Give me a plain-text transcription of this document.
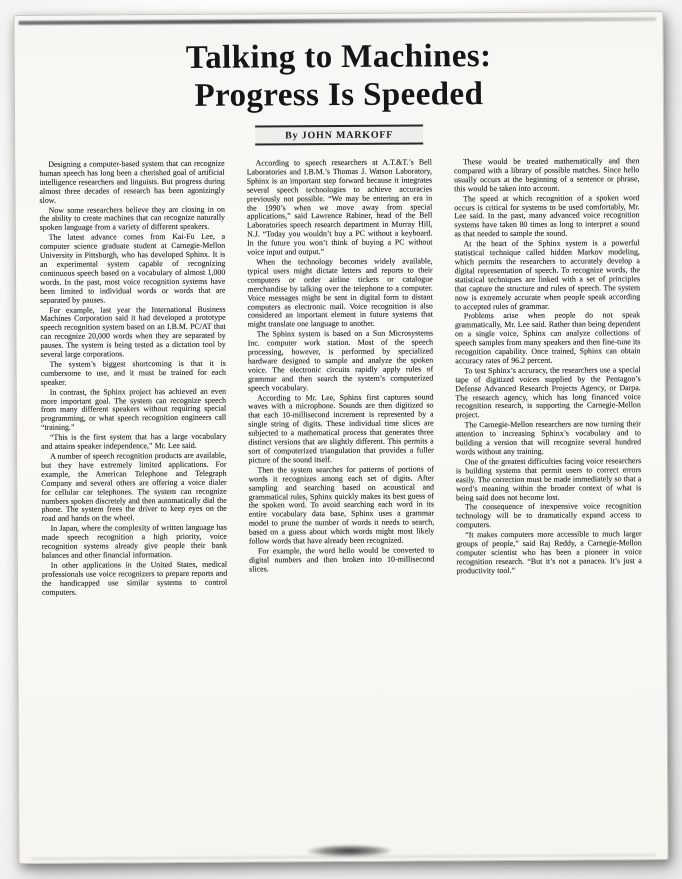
Talking to Machines:
Progress Is Speeded
By JOHN MARKOFF

Designing a computer-based system that can recognize human speech has long been a cherished goal of artificial intelligence researchers and linguists. But progress during almost three decades of research has been agonizingly slow.

Now some researchers believe they are closing in on the ability to create machines that can recognize naturally spoken language from a variety of different speakers.

The latest advance comes from Kai-Fu Lee, a computer science graduate student at Carnegie-Mellon University in Pittsburgh, who has developed Sphinx. It is an experimental system capable of recognizing continuous speech based on a vocabulary of almost 1,000 words. In the past, most voice recognition systems have been limited to individual words or words that are separated by pauses.

For example, last year the International Business Machines Corporation said it had developed a prototype speech recognition system based on an I.B.M. PC/AT that can recognize 20,000 words when they are separated by pauses. The system is being tested as a dictation tool by several large corporations.

The system’s biggest shortcoming is that it is cumbersome to use, and it must be trained for each speaker.

In contrast, the Sphinx project has achieved an even more important goal. The system can recognize speech from many different speakers without requiring special programming, or what speech recognition engineers call “training.”

“This is the first system that has a large vocabulary and attains speaker independence,” Mr. Lee said.

A number of speech recognition products are available, but they have extremely limited applications. For example, the American Telephone and Telegraph Company and several others are offering a voice dialer for cellular car telephones. The system can recognize numbers spoken discretely and then automatically dial the phone. The system frees the driver to keep eyes on the road and hands on the wheel.

In Japan, where the complexity of written language has made speech recognition a high priority, voice recognition systems already give people their bank balances and other financial information.

In other applications in the United States, medical professionals use voice recognizers to prepare reports and the handicapped use similar systems to control computers.

According to speech researchers at A.T.&T.’s Bell Laboratories and I.B.M.’s Thomas J. Watson Laboratory, Sphinx is an important step forward because it integrates several speech technologies to achieve accuracies previously not possible. “We may be entering an era in the 1990’s when we move away from special applications,” said Lawrence Rabiner, head of the Bell Laboratories speech research department in Murray Hill, N.J. “Today you wouldn’t buy a PC without a keyboard. In the future you won’t think of buying a PC without voice input and output.”

When the technology becomes widely available, typical users might dictate letters and reports to their computers or order airline tickets or catalogue merchandise by talking over the telephone to a computer. Voice messages might be sent in digital form to distant computers as electronic mail. Voice recognition is also considered an important element in future systems that might translate one language to another.

The Sphinx system is based on a Sun Microsystems Inc. computer work station. Most of the speech processing, however, is performed by specialized hardware designed to sample and analyze the spoken voice. The electronic circuits rapidly apply rules of grammar and then search the system’s computerized speech vocabulary.

According to Mr. Lee, Sphinx first captures sound waves with a microphone. Sounds are then digitized so that each 10-millisecond increment is represented by a single string of digits. These individual time slices are subjected to a mathematical process that generates three distinct versions that are slightly different. This permits a sort of computerized triangulation that provides a fuller picture of the sound itself.

Then the system searches for patterns of portions of words it recognizes among each set of digits. After sampling and searching based on acoustical and grammatical rules, Sphinx quickly makes its best guess of the spoken word. To avoid searching each word in its entire vocabulary data base, Sphinx uses a grammar model to prune the number of words it needs to search, based on a guess about which words might most likely follow words that have already been recognized.

For example, the word hello would be converted to digital numbers and then broken into 10-millisecond slices.

These would be treated mathematically and then compared with a library of possible matches. Since hello usually occurs at the beginning of a sentence or phrase, this would be taken into account.

The speed at which recognition of a spoken word occurs is critical for systems to be used comfortably, Mr. Lee said. In the past, many advanced voice recognition systems have taken 80 times as long to interpret a sound as that needed to sample the sound.

At the heart of the Sphinx system is a powerful statistical technique called hidden Markov modeling, which permits the researchers to accurately develop a digital representation of speech. To recognize words, the statistical techniques are linked with a set of principles that capture the structure and rules of speech. The system now is extremely accurate when people speak according to accepted rules of grammar.

Problems arise when people do not speak grammatically, Mr. Lee said. Rather than being dependent on a single voice, Sphinx can analyze collections of speech samples from many speakers and then fine-tune its recognition capability. Once trained, Sphinx can obtain accuracy rates of 96.2 percent.

To test Sphinx’s accuracy, the researchers use a special tape of digitized voices supplied by the Pentagon’s Defense Advanced Research Projects Agency, or Darpa. The research agency, which has long financed voice recognition research, is supporting the Carnegie-Mellon project.

The Carnegie-Mellon researchers are now turning their attention to increasing Sphinx’s vocabulary and to building a version that will recognize several hundred words without any training.

One of the greatest difficulties facing voice researchers is building systems that permit users to correct errors easily. The correction must be made immediately so that a word’s meaning within the broader context of what is being said does not become lost.

The consequence of inexpensive voice recognition technology will be to dramatically expand access to computers.

“It makes computers more accessible to much larger groups of people,” said Raj Reddy, a Carnegie-Mellon computer scientist who has been a pioneer in voice recognition research. “But it’s not a panacea. It’s just a productivity tool.”
